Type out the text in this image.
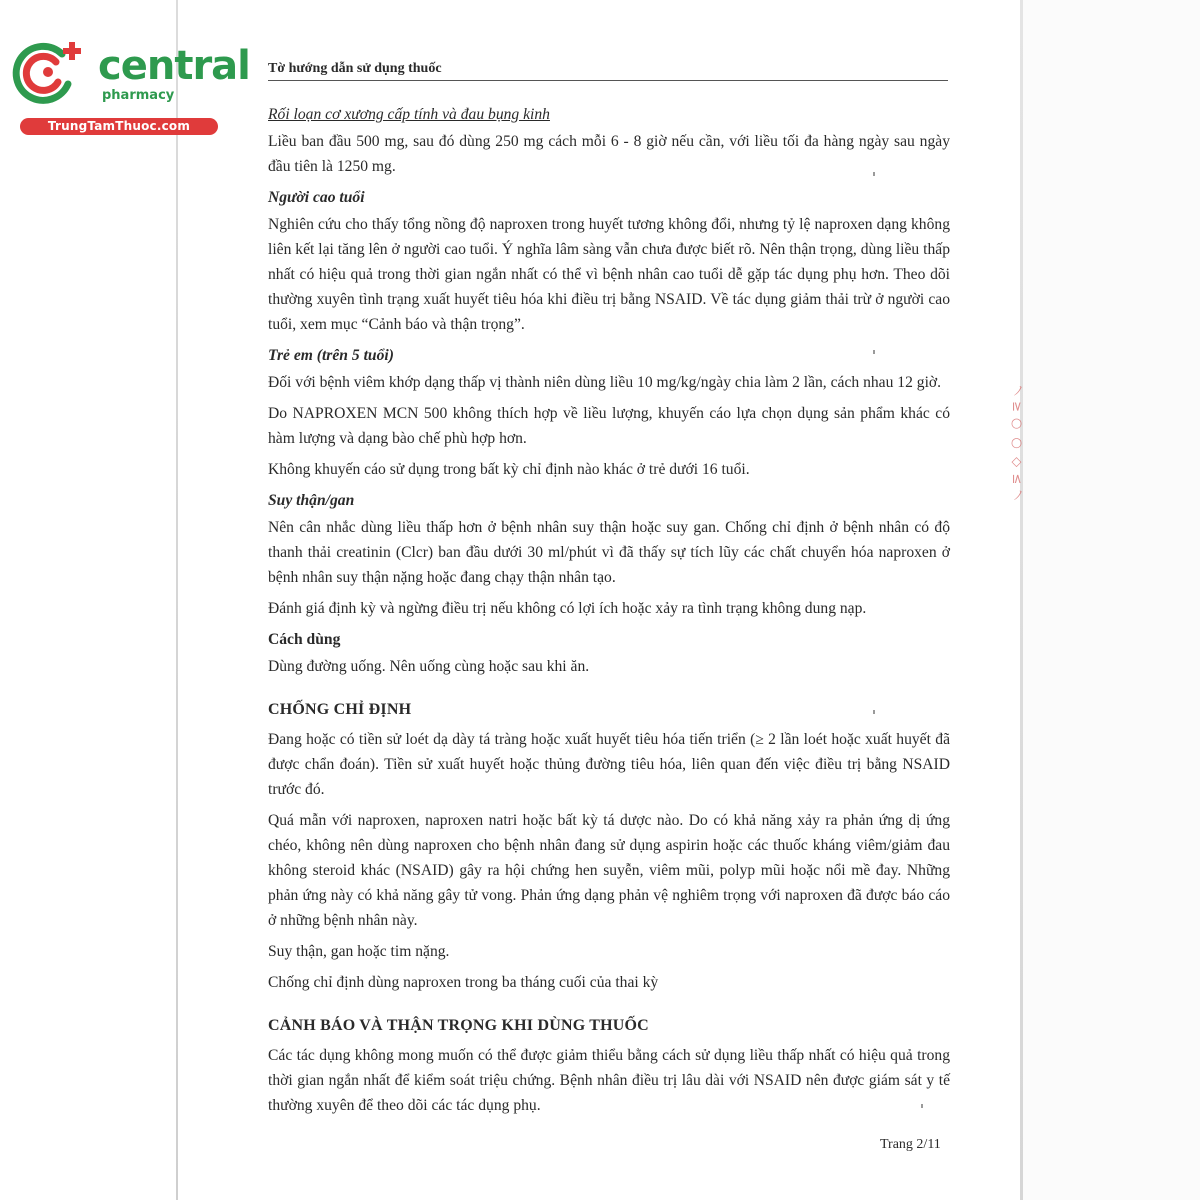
ノ ≥ ○ ○ ◇ ≤ ノ
central
pharmacy
TrungTamThuoc.com
Tờ hướng dẫn sử dụng thuốc

Rối loạn cơ xương cấp tính và đau bụng kinh

Liều ban đầu 500 mg, sau đó dùng 250 mg cách mỗi 6 - 8 giờ nếu cần, với liều tối đa hàng ngày sau ngày đầu tiên là 1250 mg.

Người cao tuổi

Nghiên cứu cho thấy tổng nồng độ naproxen trong huyết tương không đổi, nhưng tỷ lệ naproxen dạng không liên kết lại tăng lên ở người cao tuổi. Ý nghĩa lâm sàng vẫn chưa được biết rõ. Nên thận trọng, dùng liều thấp nhất có hiệu quả trong thời gian ngắn nhất có thể vì bệnh nhân cao tuổi dễ gặp tác dụng phụ hơn. Theo dõi thường xuyên tình trạng xuất huyết tiêu hóa khi điều trị bằng NSAID. Về tác dụng giảm thải trừ ở người cao tuổi, xem mục “Cảnh báo và thận trọng”.

Trẻ em (trên 5 tuổi)

Đối với bệnh viêm khớp dạng thấp vị thành niên dùng liều 10 mg/kg/ngày chia làm 2 lần, cách nhau 12 giờ.

Do NAPROXEN MCN 500 không thích hợp về liều lượng, khuyến cáo lựa chọn dụng sản phẩm khác có hàm lượng và dạng bào chế phù hợp hơn.

Không khuyến cáo sử dụng trong bất kỳ chỉ định nào khác ở trẻ dưới 16 tuổi.

Suy thận/gan

Nên cân nhắc dùng liều thấp hơn ở bệnh nhân suy thận hoặc suy gan. Chống chỉ định ở bệnh nhân có độ thanh thải creatinin (Clcr) ban đầu dưới 30 ml/phút vì đã thấy sự tích lũy các chất chuyển hóa naproxen ở bệnh nhân suy thận nặng hoặc đang chạy thận nhân tạo.

Đánh giá định kỳ và ngừng điều trị nếu không có lợi ích hoặc xảy ra tình trạng không dung nạp.

Cách dùng

Dùng đường uống. Nên uống cùng hoặc sau khi ăn.

CHỐNG CHỈ ĐỊNH

Đang hoặc có tiền sử loét dạ dày tá tràng hoặc xuất huyết tiêu hóa tiến triển (≥ 2 lần loét hoặc xuất huyết đã được chẩn đoán). Tiền sử xuất huyết hoặc thủng đường tiêu hóa, liên quan đến việc điều trị bằng NSAID trước đó.

Quá mẫn với naproxen, naproxen natri hoặc bất kỳ tá dược nào. Do có khả năng xảy ra phản ứng dị ứng chéo, không nên dùng naproxen cho bệnh nhân đang sử dụng aspirin hoặc các thuốc kháng viêm/giảm đau không steroid khác (NSAID) gây ra hội chứng hen suyễn, viêm mũi, polyp mũi hoặc nổi mề đay. Những phản ứng này có khả năng gây tử vong. Phản ứng dạng phản vệ nghiêm trọng với naproxen đã được báo cáo ở những bệnh nhân này.

Suy thận, gan hoặc tim nặng.

Chống chỉ định dùng naproxen trong ba tháng cuối của thai kỳ

CẢNH BÁO VÀ THẬN TRỌNG KHI DÙNG THUỐC

Các tác dụng không mong muốn có thể được giảm thiểu bằng cách sử dụng liều thấp nhất có hiệu quả trong thời gian ngắn nhất để kiểm soát triệu chứng. Bệnh nhân điều trị lâu dài với NSAID nên được giám sát y tế thường xuyên để theo dõi các tác dụng phụ.

Trang 2/11
